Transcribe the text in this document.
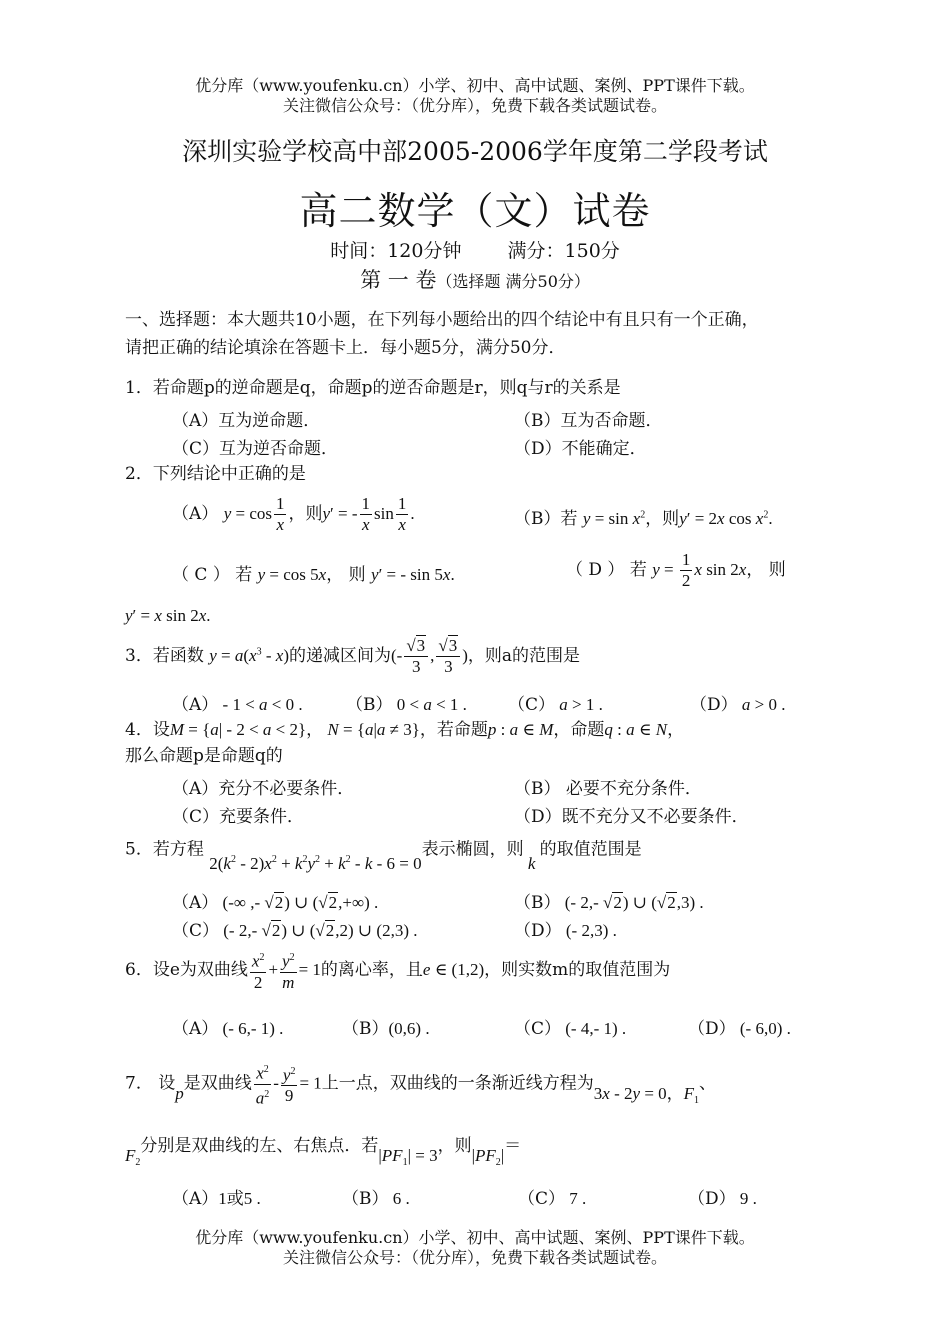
优分库（www.youfenku.cn）小学、初中、高中试题、案例、PPT课件下载。
关注微信公众号：（优分库），免费下载各类试题试卷。
深圳实验学校高中部2005-2006学年度第二学段考试
高二数学（文）试卷
时间：120分钟 满分：150分
第 一 卷（选择题 满分50分）
一、选择题：本大题共10小题，在下列每小题给出的四个结论中有且只有一个正确，
请把正确的结论填涂在答题卡上．每小题5分，满分50分．
1．若命题p的逆命题是q，命题p的逆否命题是r，则q与r的关系是
（A）互为逆命题．	（B）互为否命题．
（C）互为逆否命题．	（D）不能确定．
2．下列结论中正确的是
（A） $y = \cos \frac{1}{x}$ ，则y′ = - $\frac{1}{x}$ $\sin \frac{1}{x}$ .	（B）若 $y = \sin x^2$，则y′ = 2x $\cos x^2$.
（ C ） 若 y = cos 5x， 则 y′ = - sin 5x.	（ D ） 若 $y = \frac{1}{2}$ x sin 2x， 则
y′ = x sin 2x.
3．若函数 $y = a(x^3 - x)$的递减区间为(- $\frac{√3}{3}$ , $\frac{√3}{3}$ )，则a的范围是
（A） - 1 < a < 0 .	（B） 0 < a < 1 . （C） a > 1 .	（D） a > 0 .
4．设M = {a| - 2 < a < 2}， N = {a|a ≠ 3}，若命题p : a ∈ M，命题q : a ∈ N，
那么命题p是命题q的
（A）充分不必要条件．	（B） 必要不充分条件．
（C）充要条件．	（D）既不充分又不必要条件．
5．若方程 $2(k^2 - 2)x^2 + k^2y^2 + k^2 - k - 6 = 0$表示椭圆，则 k 的取值范围是
（A） (-∞ ,- √2) ∪ (√2,+∞) .	（B） (- 2,- √2) ∪ (√2,3) .
（C） (- 2,- √2) ∪ (√2,2) ∪ (2,3) .	（D） (- 2,3) .
6．设e为双曲线 $\frac{x^2}{2} + \frac{y^2}{m} = 1$的离心率，且e ∈ (1,2)，则实数m的取值范围为
（A） (- 6,- 1) .	（B）(0,6) .	（C） (- 4,- 1) .	（D） (- 6,0) .
7． 设p是双曲线 $\frac{x^2}{a^2} - \frac{y^2}{9} = 1$上一点，双曲线的一条渐近线方程为3x - 2y = 0，$F_1$、
$F_2$分别是双曲线的左、右焦点．若$|PF_1| = 3$，则$|PF_2|=$
（A）1或5 .	（B） 6 .	（C） 7 .	（D） 9 .
优分库（www.youfenku.cn）小学、初中、高中试题、案例、PPT课件下载。
关注微信公众号：（优分库），免费下载各类试题试卷。
